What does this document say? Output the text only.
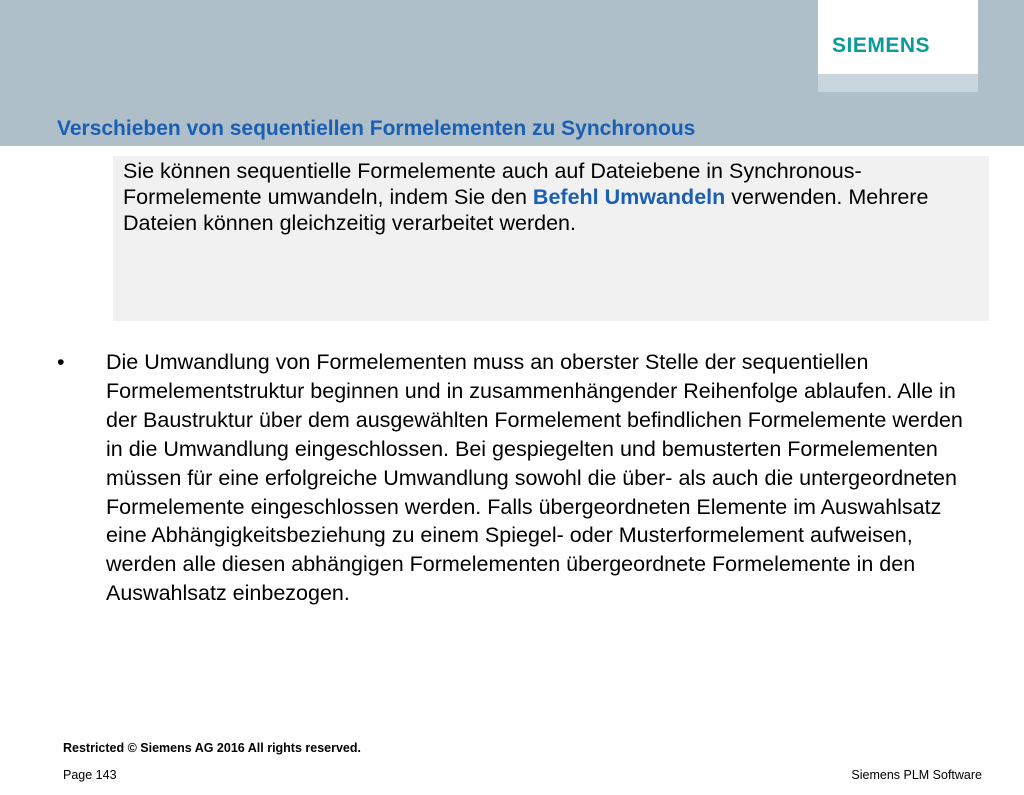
SIEMENS
Verschieben von sequentiellen Formelementen zu Synchronous
Sie können sequentielle Formelemente auch auf Dateiebene in Synchronous-Formelemente umwandeln, indem Sie den Befehl Umwandeln verwenden. Mehrere Dateien können gleichzeitig verarbeitet werden.
• Die Umwandlung von Formelementen muss an oberster Stelle der sequentiellen Formelementstruktur beginnen und in zusammenhängender Reihenfolge ablaufen. Alle in der Baustruktur über dem ausgewählten Formelement befindlichen Formelemente werden in die Umwandlung eingeschlossen. Bei gespiegelten und bemusterten Formelementen müssen für eine erfolgreiche Umwandlung sowohl die über- als auch die untergeordneten Formelemente eingeschlossen werden. Falls übergeordneten Elemente im Auswahlsatz eine Abhängigkeitsbeziehung zu einem Spiegel- oder Musterformelement aufweisen, werden alle diesen abhängigen Formelementen übergeordnete Formelemente in den Auswahlsatz einbezogen.
Restricted © Siemens AG 2016 All rights reserved.
Page 143	Siemens PLM Software
